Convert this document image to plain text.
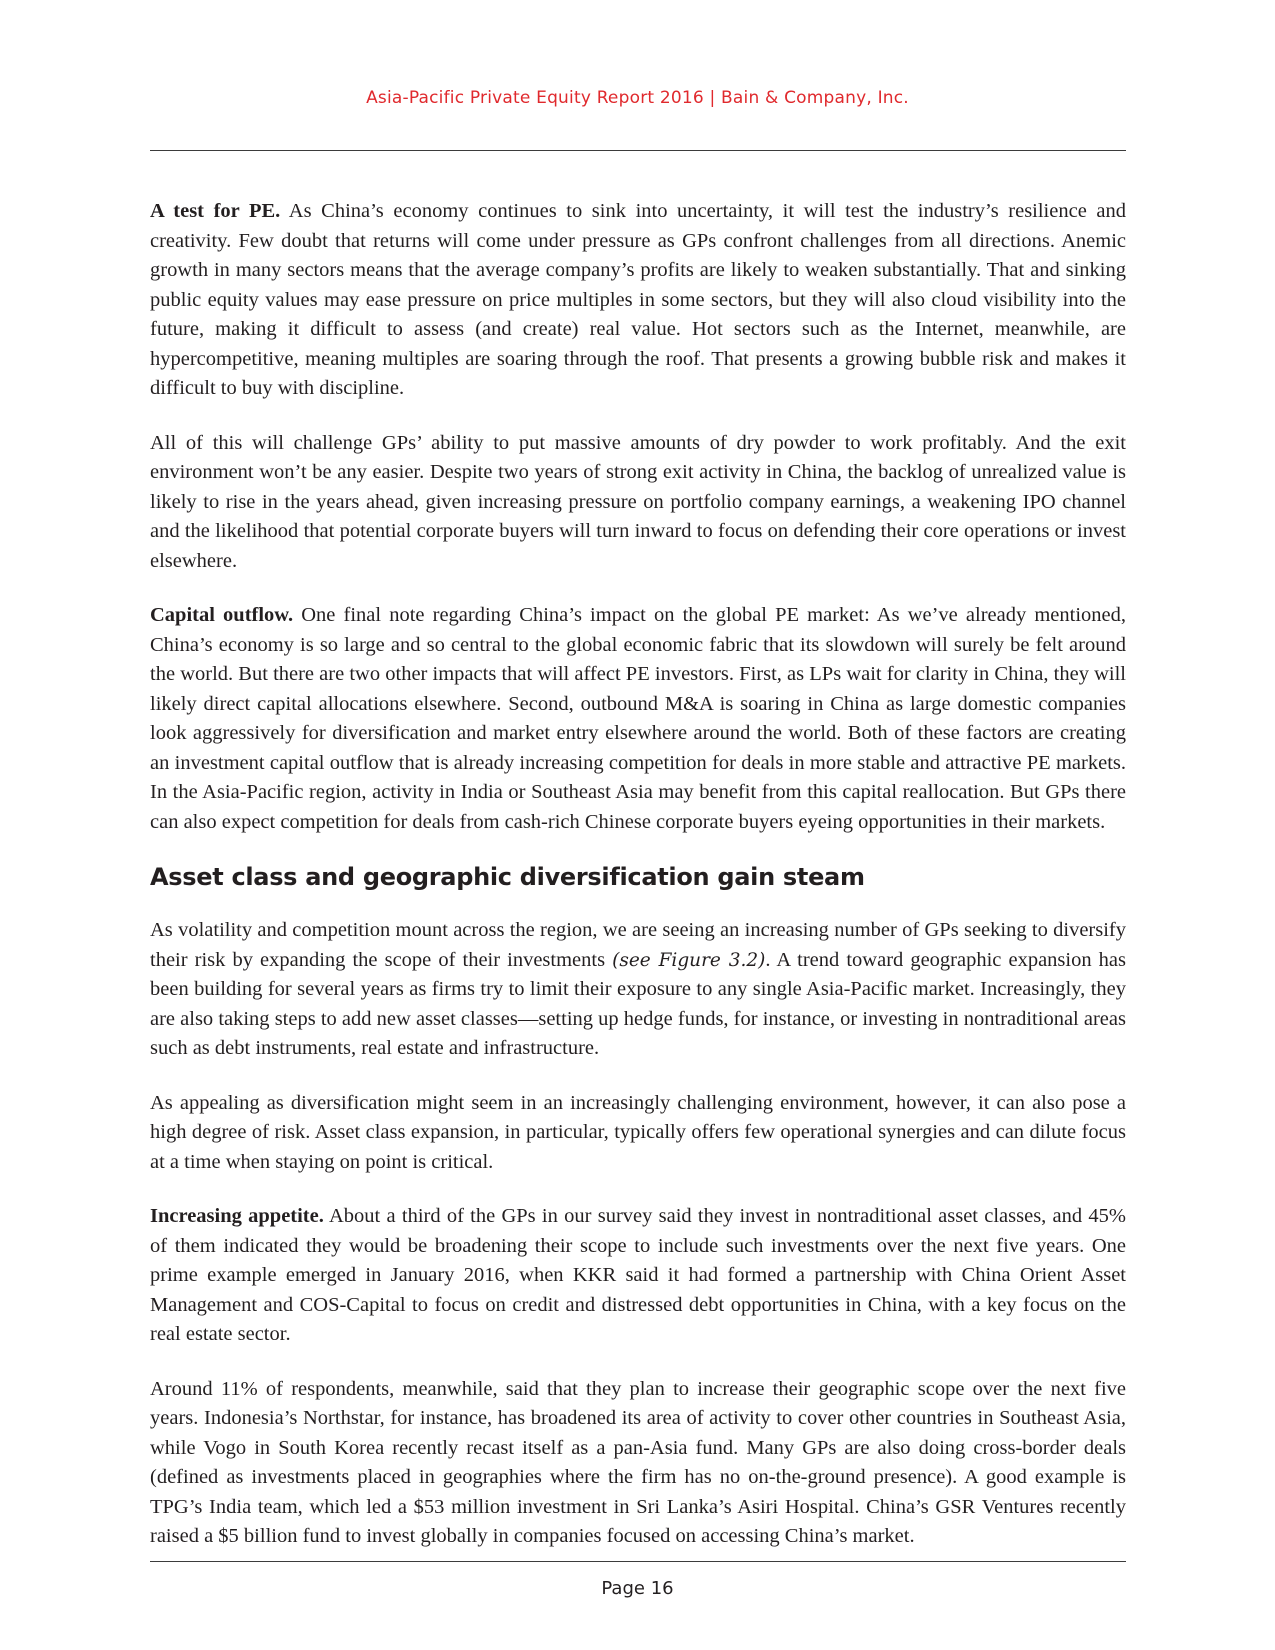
Asia-Pacific Private Equity Report 2016 | Bain & Company, Inc.

A test for PE. As China’s economy continues to sink into uncertainty, it will test the industry’s resilience and creativity. Few doubt that returns will come under pressure as GPs confront challenges from all directions. Anemic growth in many sectors means that the average company’s profits are likely to weaken substantially. That and sinking public equity values may ease pressure on price multiples in some sectors, but they will also cloud visibility into the future, making it difficult to assess (and create) real value. Hot sectors such as the Internet, meanwhile, are hypercompetitive, meaning multiples are soaring through the roof. That presents a growing bubble risk and makes it difficult to buy with discipline.

All of this will challenge GPs’ ability to put massive amounts of dry powder to work profitably. And the exit environment won’t be any easier. Despite two years of strong exit activity in China, the backlog of unrealized value is likely to rise in the years ahead, given increasing pressure on portfolio company earnings, a weakening IPO channel and the likelihood that potential corporate buyers will turn inward to focus on defending their core operations or invest elsewhere.

Capital outflow. One final note regarding China’s impact on the global PE market: As we’ve already mentioned, China’s economy is so large and so central to the global economic fabric that its slowdown will surely be felt around the world. But there are two other impacts that will affect PE investors. First, as LPs wait for clarity in China, they will likely direct capital allocations elsewhere. Second, outbound M&A is soaring in China as large domestic companies look aggressively for diversification and market entry elsewhere around the world. Both of these factors are creating an investment capital outflow that is already increasing competition for deals in more stable and attractive PE markets. In the Asia-Pacific region, activity in India or Southeast Asia may benefit from this capital reallocation. But GPs there can also expect competition for deals from cash-rich Chinese corporate buyers eyeing opportunities in their markets.

Asset class and geographic diversification gain steam

As volatility and competition mount across the region, we are seeing an increasing number of GPs seeking to diversify their risk by expanding the scope of their investments (see Figure 3.2). A trend toward geographic expansion has been building for several years as firms try to limit their exposure to any single Asia-Pacific market. Increasingly, they are also taking steps to add new asset classes—setting up hedge funds, for instance, or investing in nontraditional areas such as debt instruments, real estate and infrastructure.

As appealing as diversification might seem in an increasingly challenging environment, however, it can also pose a high degree of risk. Asset class expansion, in particular, typically offers few operational synergies and can dilute focus at a time when staying on point is critical.

Increasing appetite. About a third of the GPs in our survey said they invest in nontraditional asset classes, and 45% of them indicated they would be broadening their scope to include such investments over the next five years. One prime example emerged in January 2016, when KKR said it had formed a partnership with China Orient Asset Management and COS-Capital to focus on credit and distressed debt opportunities in China, with a key focus on the real estate sector.

Around 11% of respondents, meanwhile, said that they plan to increase their geographic scope over the next five years. Indonesia’s Northstar, for instance, has broadened its area of activity to cover other countries in Southeast Asia, while Vogo in South Korea recently recast itself as a pan-Asia fund. Many GPs are also doing cross-border deals (defined as investments placed in geographies where the firm has no on-the-ground presence). A good example is TPG’s India team, which led a $53 million investment in Sri Lanka’s Asiri Hospital. China’s GSR Ventures recently raised a $5 billion fund to invest globally in companies focused on accessing China’s market.

Page 16
